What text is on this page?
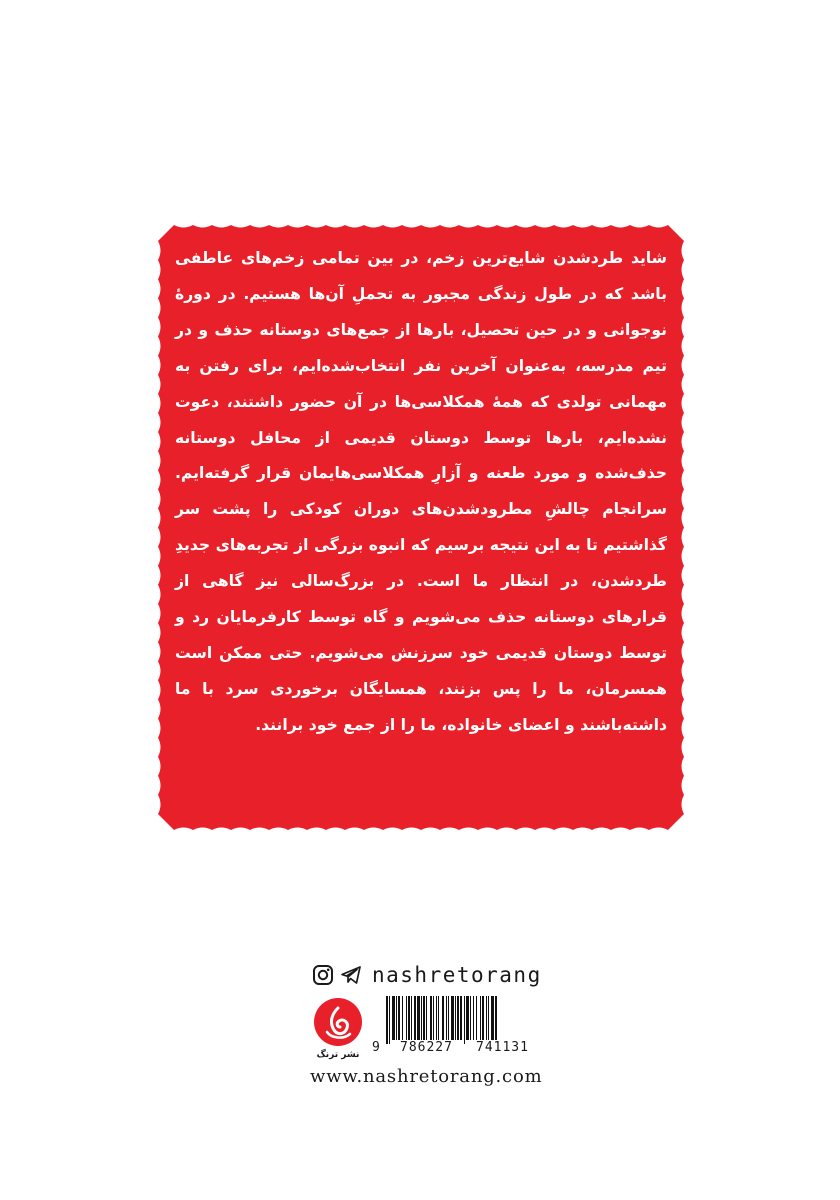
شاید طردشدن شایع‌ترین زخم، در بین تمامی زخم‌های عاطفی باشد که در طول زندگی مجبور به تحملِ آن‌ها هستیم. در دورهٔ نوجوانی و در حین تحصیل، بارها از جمع‌های دوستانه حذف و در تیم مدرسه، به‌عنوان آخرین نفر انتخاب‌شده‌ایم، برای رفتن به مهمانی تولدی که همهٔ همکلاسی‌ها در آن حضور داشتند، دعوت نشده‌ایم، بارها توسط دوستان قدیمی از محافل دوستانه حذف‌شده و مورد طعنه و آزارِ همکلاسی‌هایمان قرار گرفته‌ایم. سرانجام چالشِ مطرودشدن‌های دوران کودکی را پشت سر گذاشتیم تا به این نتیجه برسیم که انبوه بزرگی از تجربه‌های جدیدِ طردشدن، در انتظار ما است. در بزرگ‌سالی نیز گاهی از قرارهای دوستانه حذف می‌شویم و گاه توسط کارفرمایان رد و توسط دوستان قدیمی خود سرزنش می‌شویم. حتی ممکن است همسرمان، ما را پس بزنند، همسایگان برخوردی سرد با ما داشته‌باشند و اعضای خانواده، ما را از جمع خود برانند.

nashretorang
نشر ترنگ 9 786227 741131
www.nashretorang.com
